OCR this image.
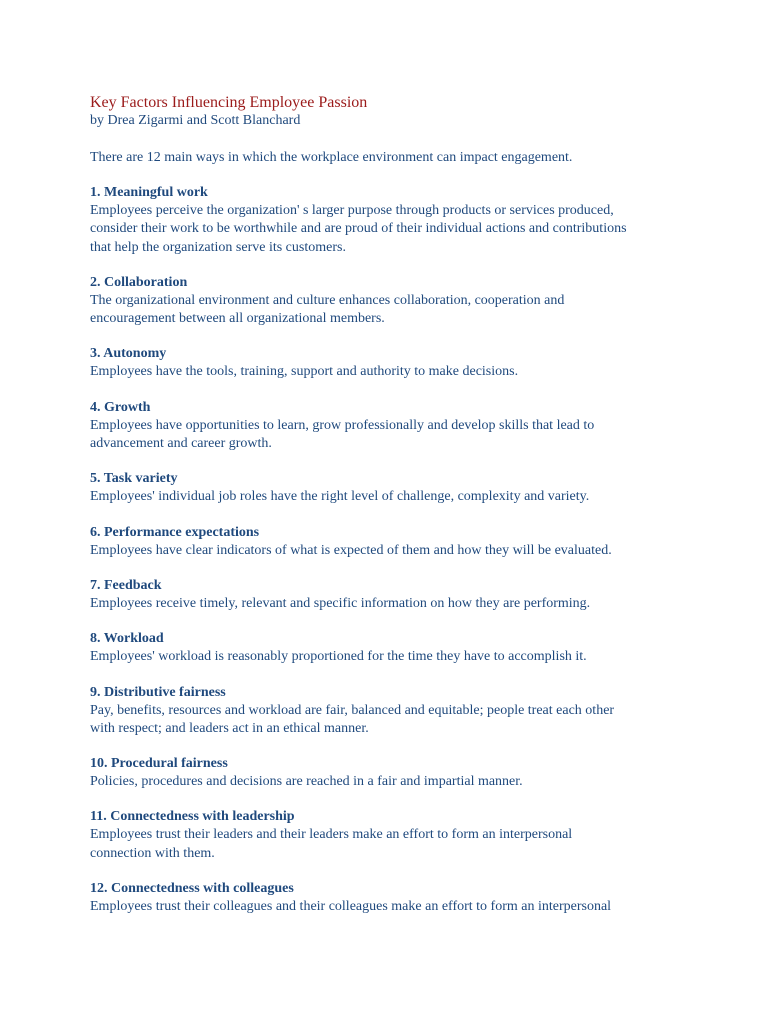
Key Factors Influencing Employee Passion

by Drea Zigarmi and Scott Blanchard

There are 12 main ways in which the workplace environment can impact engagement.

1. Meaningful work

Employees perceive the organization' s larger purpose through products or services produced,
consider their work to be worthwhile and are proud of their individual actions and contributions
that help the organization serve its customers.

2. Collaboration

The organizational environment and culture enhances collaboration, cooperation and
encouragement between all organizational members.

3. Autonomy

Employees have the tools, training, support and authority to make decisions.

4. Growth

Employees have opportunities to learn, grow professionally and develop skills that lead to
advancement and career growth.

5. Task variety

Employees' individual job roles have the right level of challenge, complexity and variety.

6. Performance expectations

Employees have clear indicators of what is expected of them and how they will be evaluated.

7. Feedback

Employees receive timely, relevant and specific information on how they are performing.

8. Workload

Employees' workload is reasonably proportioned for the time they have to accomplish it.

9. Distributive fairness

Pay, benefits, resources and workload are fair, balanced and equitable; people treat each other
with respect; and leaders act in an ethical manner.

10. Procedural fairness

Policies, procedures and decisions are reached in a fair and impartial manner.

11. Connectedness with leadership

Employees trust their leaders and their leaders make an effort to form an interpersonal
connection with them.

12. Connectedness with colleagues

Employees trust their colleagues and their colleagues make an effort to form an interpersonal
